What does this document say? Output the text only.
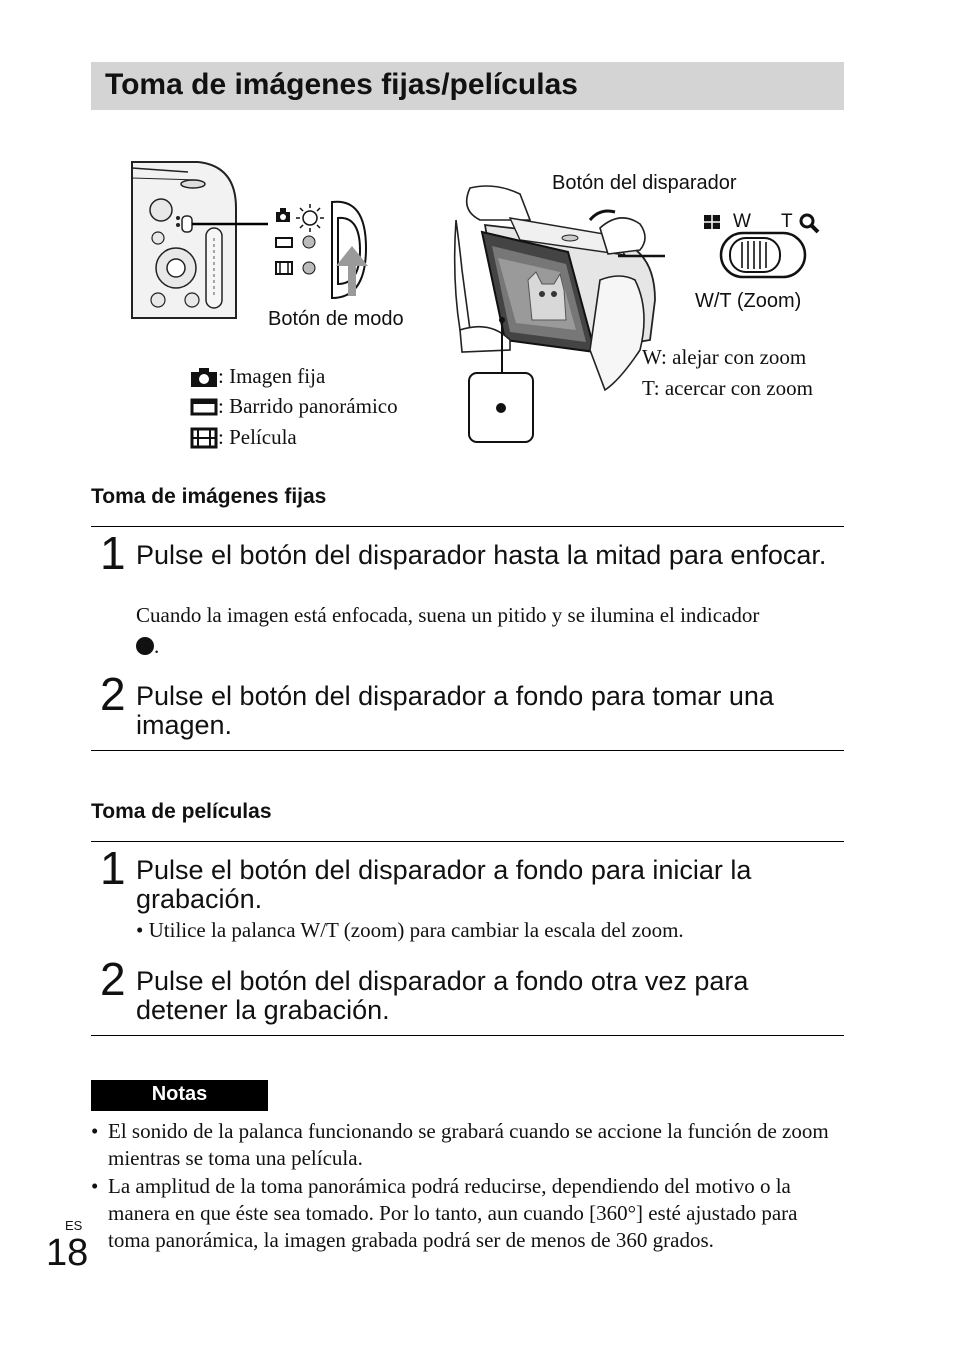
Toma de imágenes fijas/películas
Botón de modo
: Imagen fija
: Barrido panorámico
: Película
Botón del disparador
W T
W/T (Zoom)
W: alejar con zoom
T: acercar con zoom
Toma de imágenes fijas
1 Pulse el botón del disparador hasta la mitad para enfocar.
Cuando la imagen está enfocada, suena un pitido y se ilumina el indicador
.
2 Pulse el botón del disparador a fondo para tomar una imagen.
Toma de películas
1 Pulse el botón del disparador a fondo para iniciar la grabación.
• Utilice la palanca W/T (zoom) para cambiar la escala del zoom.
2 Pulse el botón del disparador a fondo otra vez para detener la grabación.
Notas
• El sonido de la palanca funcionando se grabará cuando se accione la función de zoom mientras se toma una película.
• La amplitud de la toma panorámica podrá reducirse, dependiendo del motivo o la manera en que éste sea tomado. Por lo tanto, aun cuando [360°] esté ajustado para toma panorámica, la imagen grabada podrá ser de menos de 360 grados.
ES
18
